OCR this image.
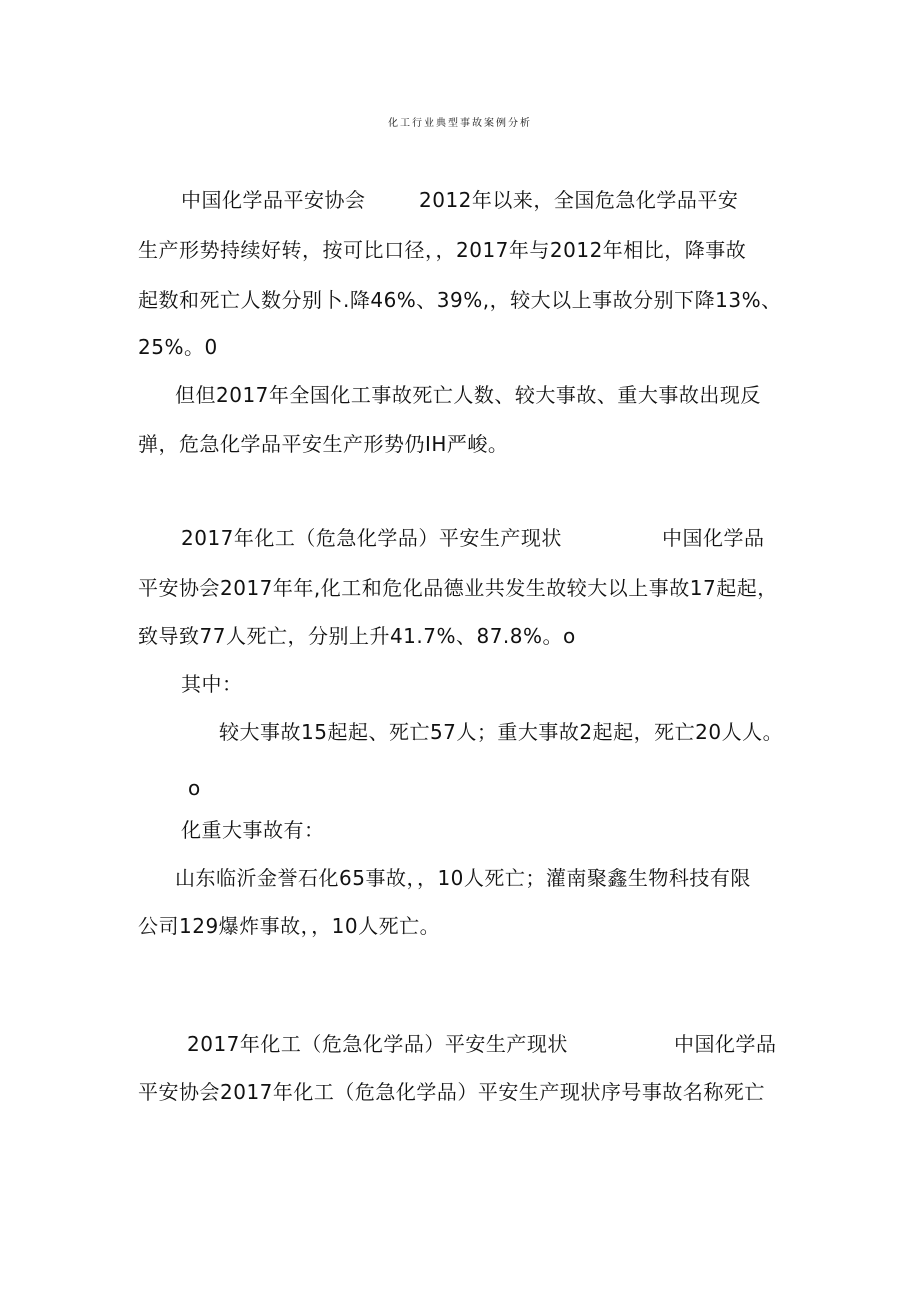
化工行业典型事故案例分析
中国化学品平安协会	2012年以来，全国危急化学品平安
生产形势持续好转，按可比口径，，2017年与2012年相比，降事故
起数和死亡人数分别卜.降46%、39%,，较大以上事故分别下降13%、
25%。0
但但2017年全国化工事故死亡人数、较大事故、重大事故出现反
弹，危急化学品平安生产形势仍IH严峻。
2017年化工（危急化学品）平安生产现状	中国化学品
平安协会2017年年,化工和危化品德业共发生故较大以上事故17起起，
致导致77人死亡，分别上升41.7%、87.8%。o
其中：
较大事故15起起、死亡57人；重大事故2起起，死亡20人人。
o
化重大事故有：
山东临沂金誉石化65事故，，10人死亡；灌南聚鑫生物科技有限
公司129爆炸事故，，10人死亡。
2017年化工（危急化学品）平安生产现状	中国化学品
平安协会2017年化工（危急化学品）平安生产现状序号事故名称死亡
